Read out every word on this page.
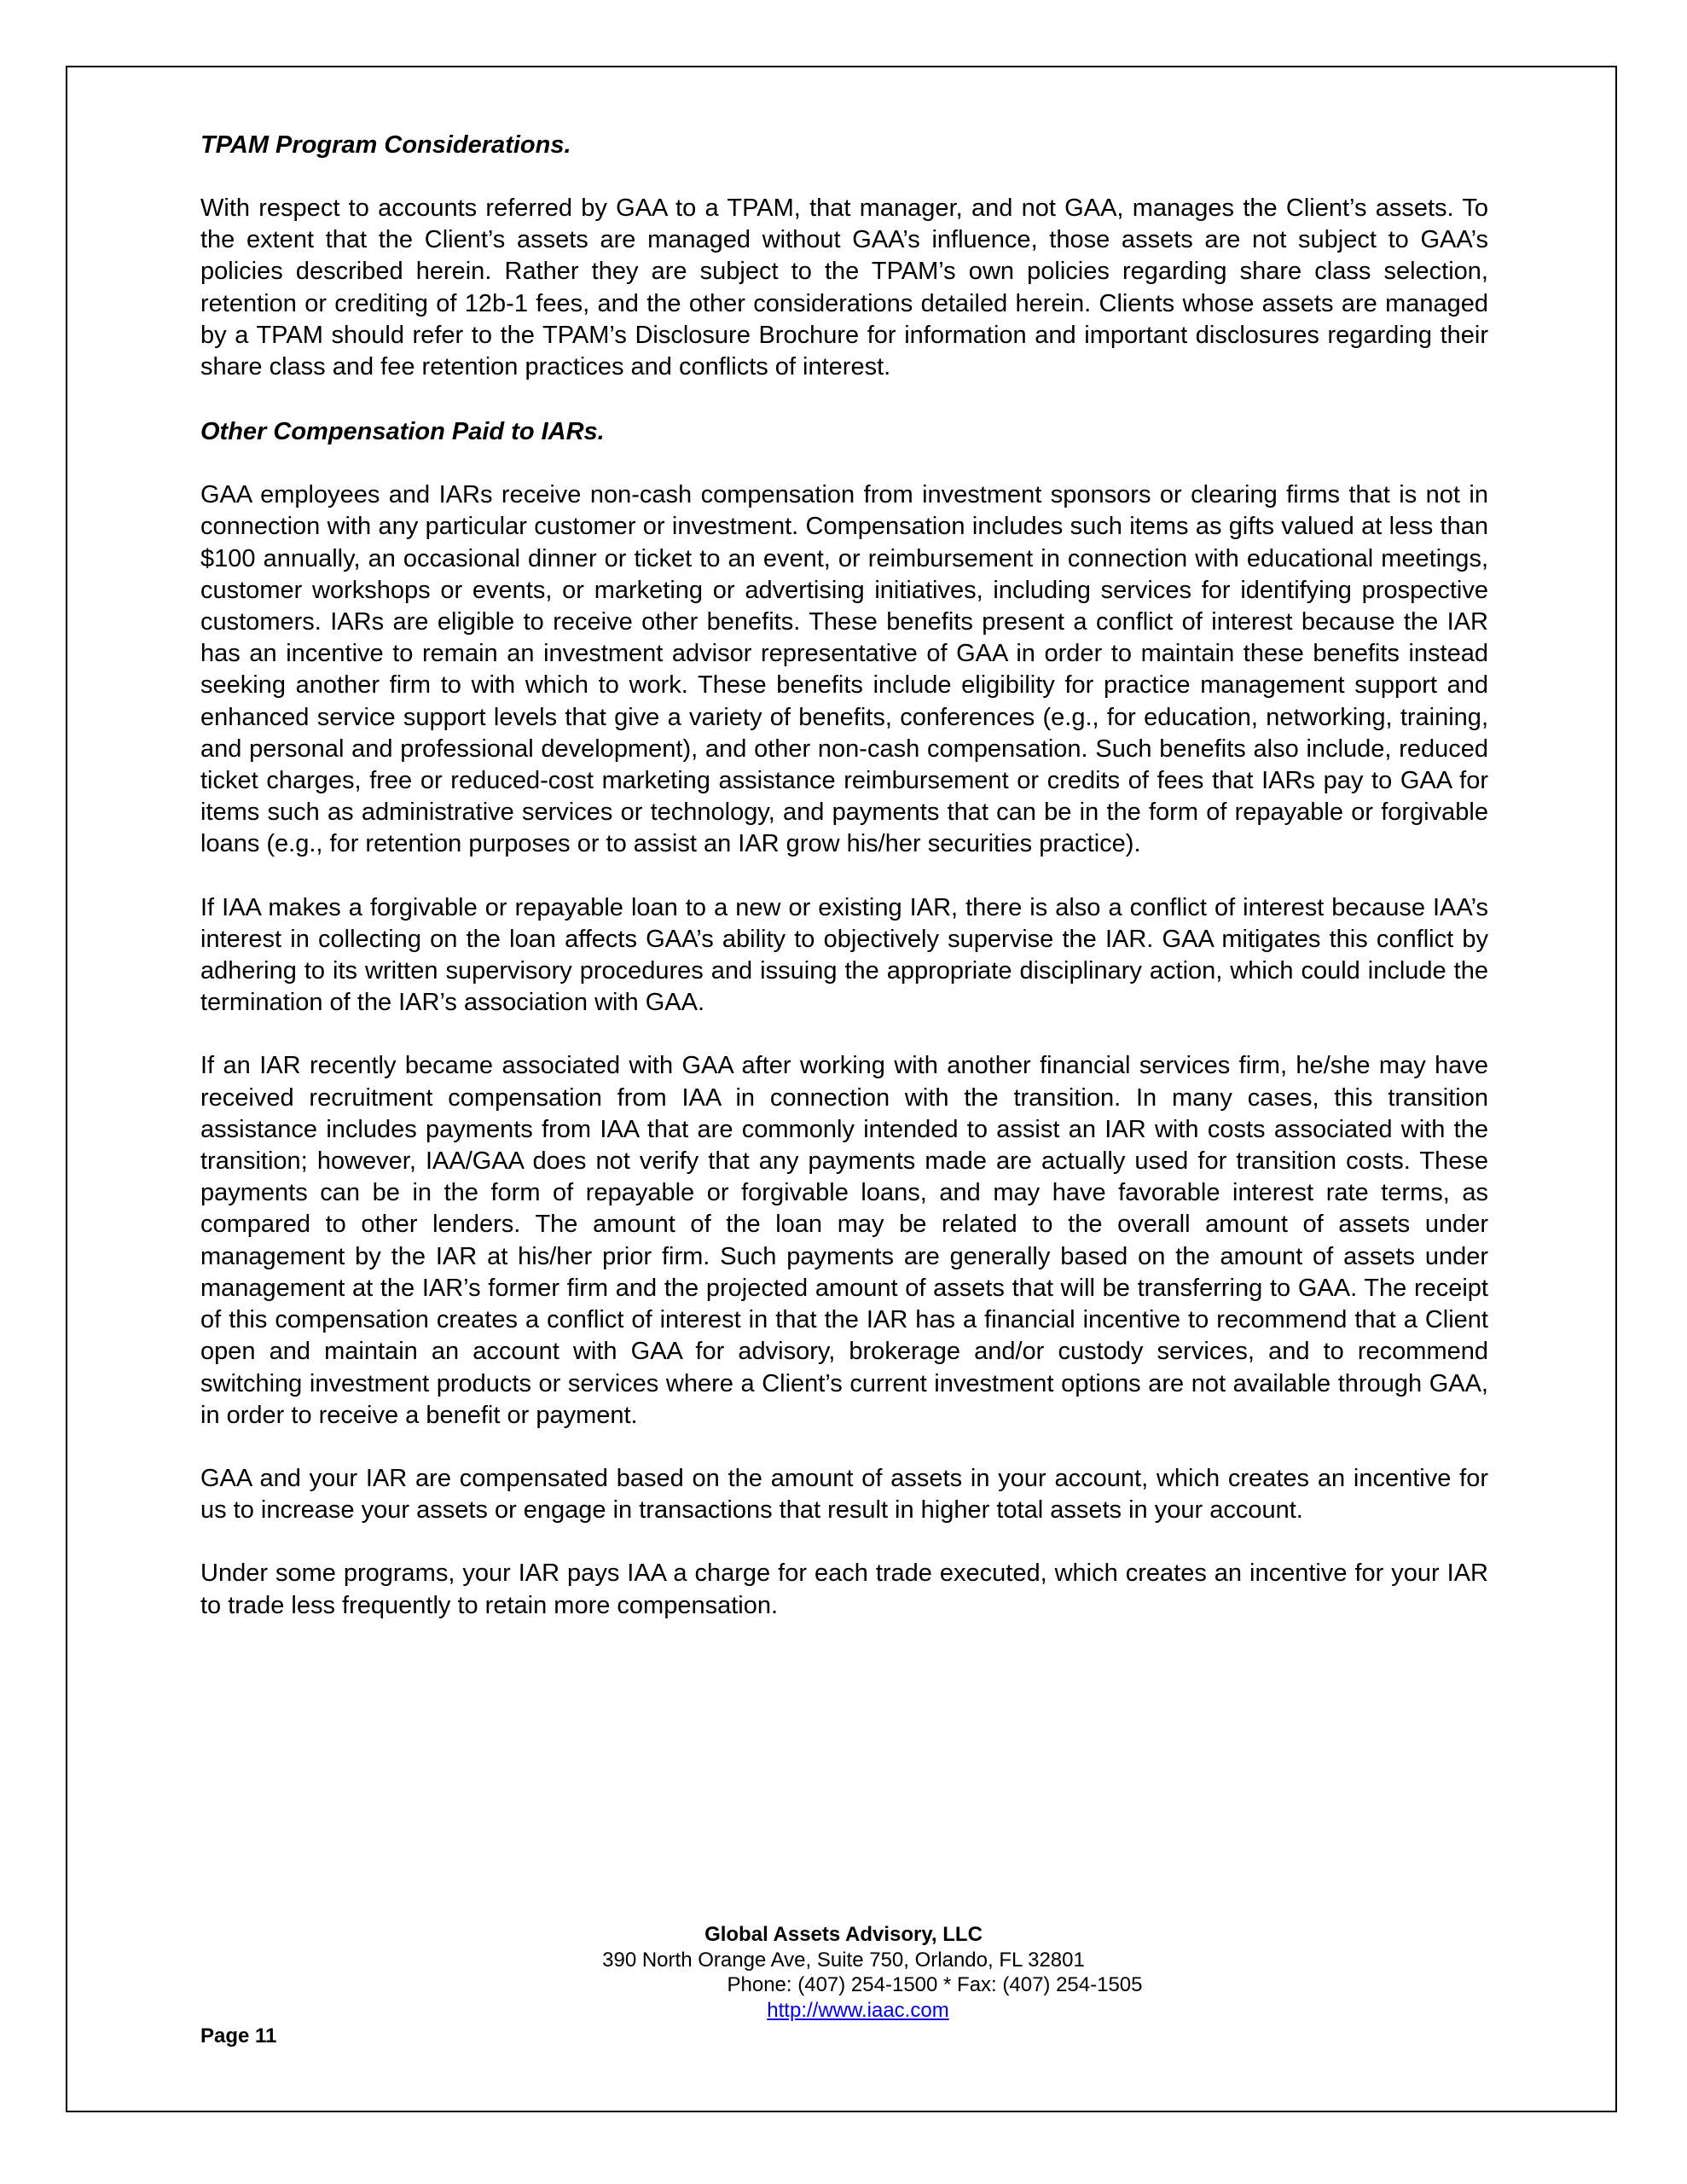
TPAM Program Considerations.

With respect to accounts referred by GAA to a TPAM, that manager, and not GAA, manages the Client’s assets. To the extent that the Client’s assets are managed without GAA’s influence, those assets are not subject to GAA’s policies described herein. Rather they are subject to the TPAM’s own policies regarding share class selection, retention or crediting of 12b-1 fees, and the other considerations detailed herein. Clients whose assets are managed by a TPAM should refer to the TPAM’s Disclosure Brochure for information and important disclosures regarding their share class and fee retention practices and conflicts of interest.

Other Compensation Paid to IARs.

GAA employees and IARs receive non-cash compensation from investment sponsors or clearing firms that is not in connection with any particular customer or investment. Compensation includes such items as gifts valued at less than $100 annually, an occasional dinner or ticket to an event, or reimbursement in connection with educational meetings, customer workshops or events, or marketing or advertising initiatives, including services for identifying prospective customers. IARs are eligible to receive other benefits. These benefits present a conflict of interest because the IAR has an incentive to remain an investment advisor representative of GAA in order to maintain these benefits instead seeking another firm to with which to work. These benefits include eligibility for practice management support and enhanced service support levels that give a variety of benefits, conferences (e.g., for education, networking, training, and personal and professional development), and other non-cash compensation. Such benefits also include, reduced ticket charges, free or reduced-cost marketing assistance reimbursement or credits of fees that IARs pay to GAA for items such as administrative services or technology, and payments that can be in the form of repayable or forgivable loans (e.g., for retention purposes or to assist an IAR grow his/her securities practice).

If IAA makes a forgivable or repayable loan to a new or existing IAR, there is also a conflict of interest because IAA’s interest in collecting on the loan affects GAA’s ability to objectively supervise the IAR. GAA mitigates this conflict by adhering to its written supervisory procedures and issuing the appropriate disciplinary action, which could include the termination of the IAR’s association with GAA.

If an IAR recently became associated with GAA after working with another financial services firm, he/she may have received recruitment compensation from IAA in connection with the transition. In many cases, this transition assistance includes payments from IAA that are commonly intended to assist an IAR with costs associated with the transition; however, IAA/GAA does not verify that any payments made are actually used for transition costs. These payments can be in the form of repayable or forgivable loans, and may have favorable interest rate terms, as compared to other lenders. The amount of the loan may be related to the overall amount of assets under management by the IAR at his/her prior firm. Such payments are generally based on the amount of assets under management at the IAR’s former firm and the projected amount of assets that will be transferring to GAA. The receipt of this compensation creates a conflict of interest in that the IAR has a financial incentive to recommend that a Client open and maintain an account with GAA for advisory, brokerage and/or custody services, and to recommend switching investment products or services where a Client’s current investment options are not available through GAA, in order to receive a benefit or payment.

GAA and your IAR are compensated based on the amount of assets in your account, which creates an incentive for us to increase your assets or engage in transactions that result in higher total assets in your account.

Under some programs, your IAR pays IAA a charge for each trade executed, which creates an incentive for your IAR to trade less frequently to retain more compensation.

Global Assets Advisory, LLC
390 North Orange Ave, Suite 750, Orlando, FL 32801
Phone: (407) 254-1500 * Fax: (407) 254-1505
http://www.iaac.com
Page 11
